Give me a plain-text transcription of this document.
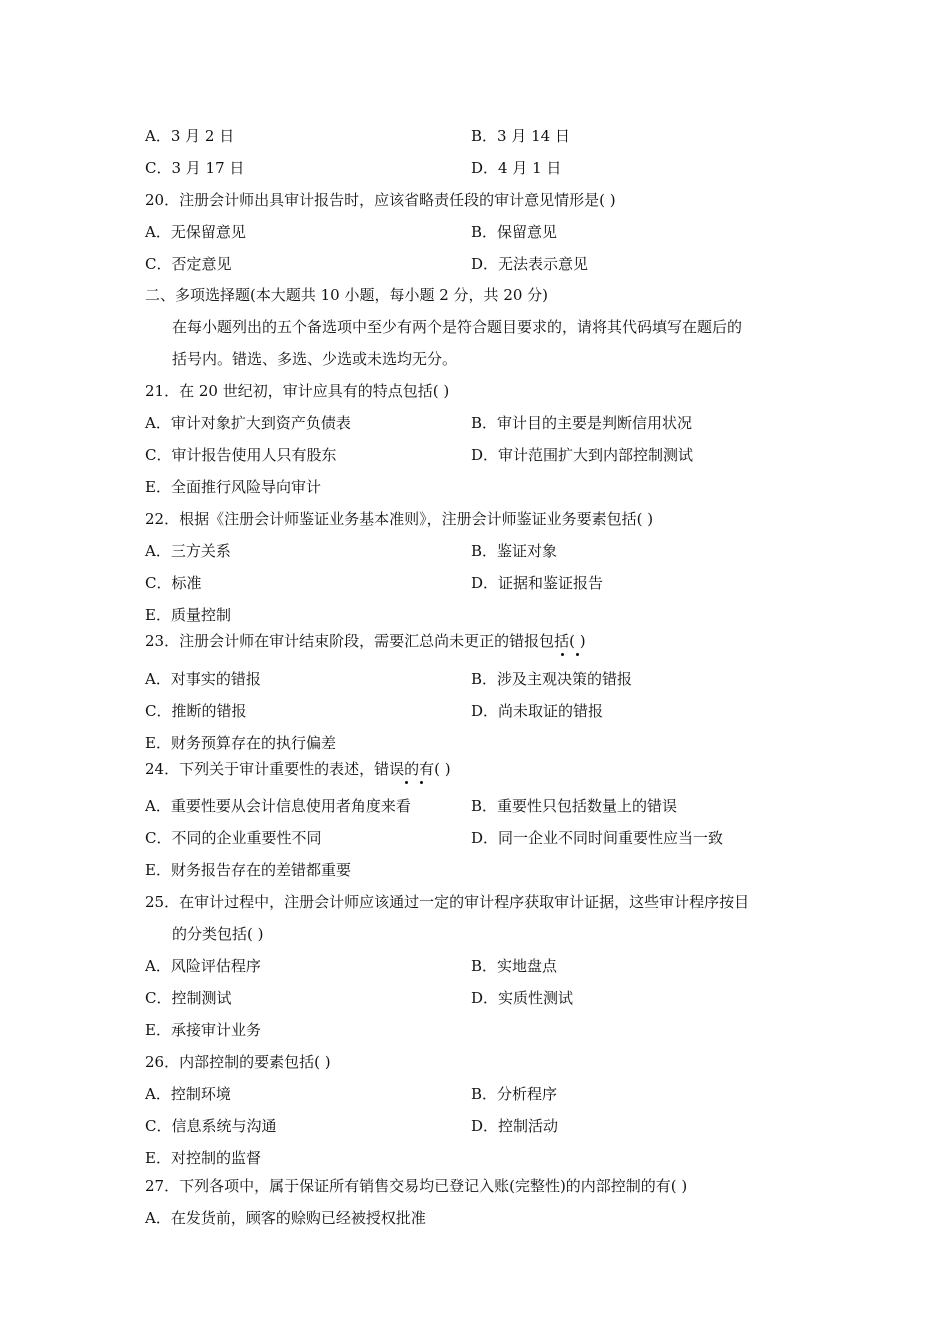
A．3 月 2 日	B．3 月 14 日
C．3 月 17 日	D．4 月 1 日
20．注册会计师出具审计报告时，应该省略责任段的审计意见情形是( )
A．无保留意见	B．保留意见
C．否定意见	D．无法表示意见
二、多项选择题(本大题共 10 小题，每小题 2 分，共 20 分)
在每小题列出的五个备选项中至少有两个是符合题目要求的，请将其代码填写在题后的
括号内。错选、多选、少选或未选均无分。
21．在 20 世纪初，审计应具有的特点包括( )
A．审计对象扩大到资产负债表	B．审计目的主要是判断信用状况
C．审计报告使用人只有股东	D．审计范围扩大到内部控制测试
E．全面推行风险导向审计
22．根据《注册会计师鉴证业务基本准则》，注册会计师鉴证业务要素包括( )
A．三方关系	B．鉴证对象
C．标准	D．证据和鉴证报告
E．质量控制
23．注册会计师在审计结束阶段，需要汇总尚未更正的错报包括( )
A．对事实的错报	B．涉及主观决策的错报
C．推断的错报	D．尚未取证的错报
E．财务预算存在的执行偏差
24．下列关于审计重要性的表述，错误的有( )
A．重要性要从会计信息使用者角度来看	B．重要性只包括数量上的错误
C．不同的企业重要性不同	D．同一企业不同时间重要性应当一致
E．财务报告存在的差错都重要
25．在审计过程中，注册会计师应该通过一定的审计程序获取审计证据，这些审计程序按目
的分类包括( )
A．风险评估程序	B．实地盘点
C．控制测试	D．实质性测试
E．承接审计业务
26．内部控制的要素包括( )
A．控制环境	B．分析程序
C．信息系统与沟通	D．控制活动
E．对控制的监督
27．下列各项中，属于保证所有销售交易均已登记入账(完整性)的内部控制的有( )
A．在发货前，顾客的赊购已经被授权批准
